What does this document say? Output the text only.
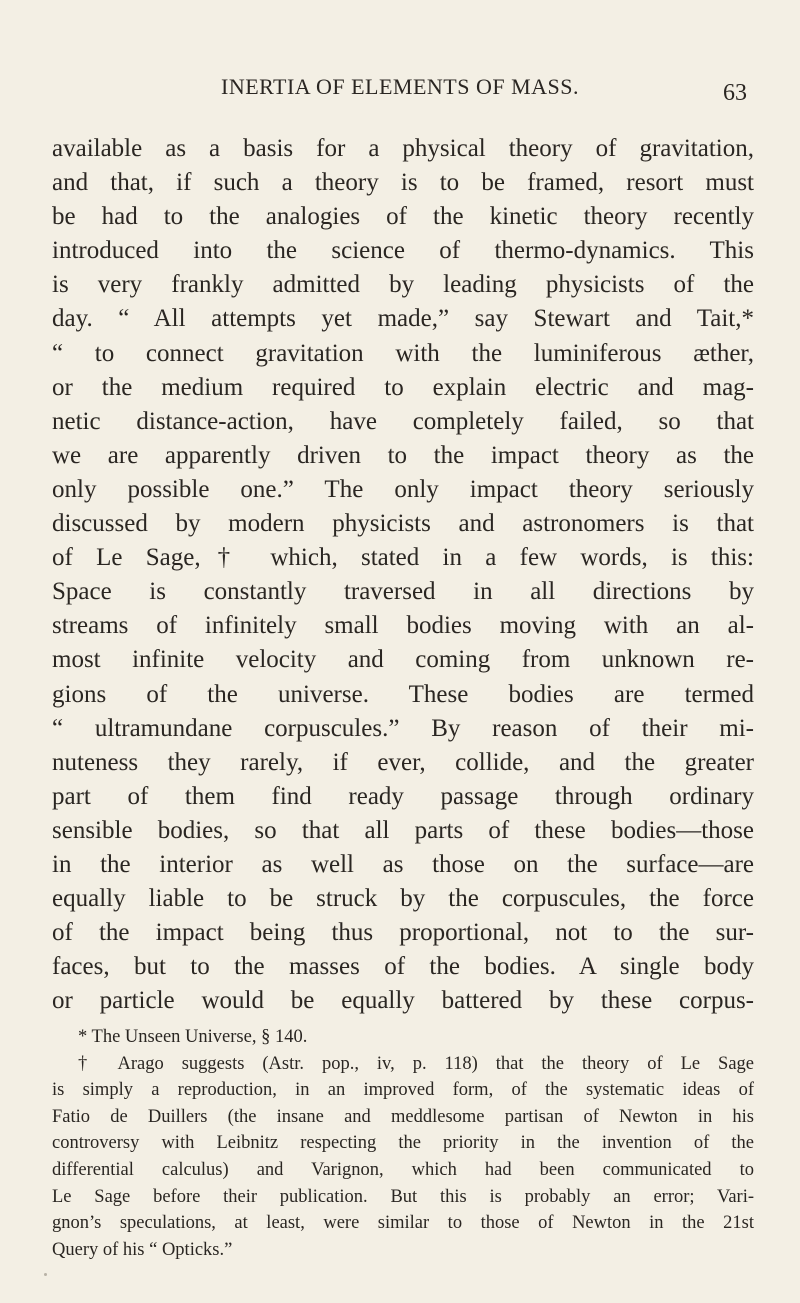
INERTIA OF ELEMENTS OF MASS.	63
available as a basis for a physical theory of gravitation,
and that, if such a theory is to be framed, resort must
be had to the analogies of the kinetic theory recently
introduced into the science of thermo-dynamics. This
is very frankly admitted by leading physicists of the
day. “ All attempts yet made,” say Stewart and Tait,*
“ to connect gravitation with the luminiferous æther,
or the medium required to explain electric and mag-
netic distance-action, have completely failed, so that
we are apparently driven to the impact theory as the
only possible one.” The only impact theory seriously
discussed by modern physicists and astronomers is that
of Le Sage,† which, stated in a few words, is this:
Space is constantly traversed in all directions by
streams of infinitely small bodies moving with an al-
most infinite velocity and coming from unknown re-
gions of the universe. These bodies are termed
“ ultramundane corpuscules.” By reason of their mi-
nuteness they rarely, if ever, collide, and the greater
part of them find ready passage through ordinary
sensible bodies, so that all parts of these bodies—those
in the interior as well as those on the surface—are
equally liable to be struck by the corpuscules, the force
of the impact being thus proportional, not to the sur-
faces, but to the masses of the bodies. A single body
or particle would be equally battered by these corpus-
* The Unseen Universe, § 140.
† Arago suggests (Astr. pop., iv, p. 118) that the theory of Le Sage
is simply a reproduction, in an improved form, of the systematic ideas of
Fatio de Duillers (the insane and meddlesome partisan of Newton in his
controversy with Leibnitz respecting the priority in the invention of the
differential calculus) and Varignon, which had been communicated to
Le Sage before their publication. But this is probably an error; Vari-
gnon’s speculations, at least, were similar to those of Newton in the 21st
Query of his “ Opticks.”
